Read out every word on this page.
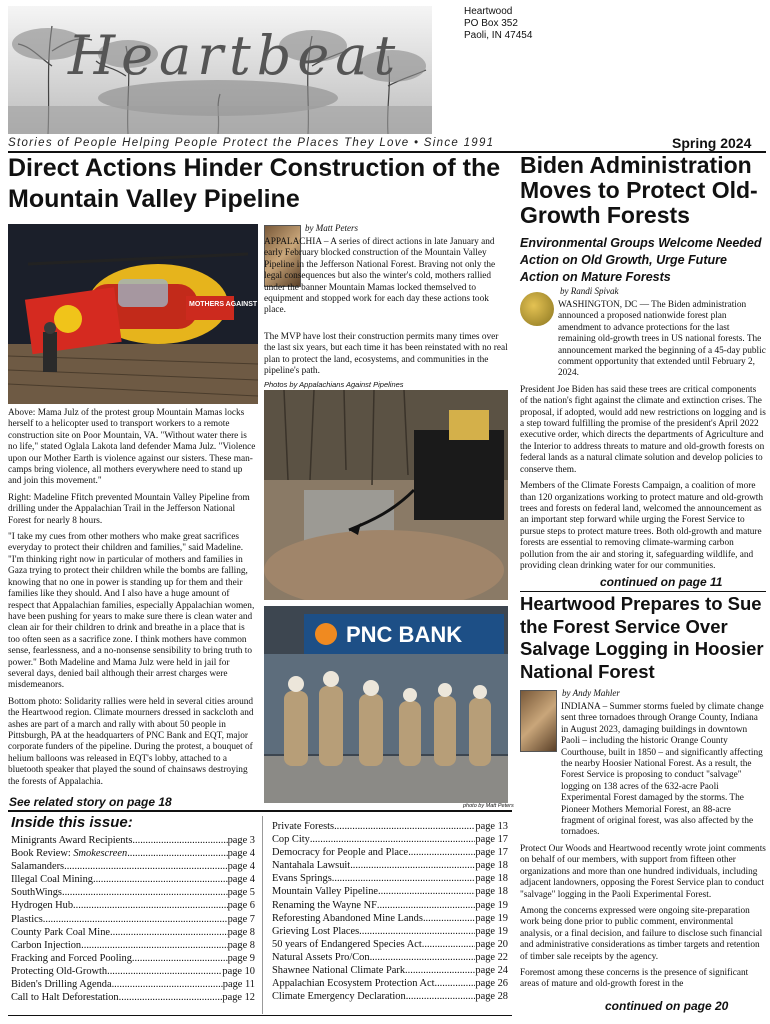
Heartbeat
Heartwood
PO Box 352
Paoli, IN 47454
Stories of People Helping People Protect the Places They Love • Since 1991	Spring 2024
Direct Actions Hinder Construction of the Mountain Valley Pipeline
MOTHERS AGAINST
by Matt Peters

APPALACHIA – A series of direct actions in late January and early February blocked construction of the Mountain Valley Pipeline in the Jefferson National Forest. Braving not only the legal consequences but also the winter's cold, mothers rallied under the banner Mountain Mamas locked themselved to equipment and stopped work for each day these actions took place.

The MVP have lost their construction permits many times over the last six years, but each time it has been reinstated with no real plan to protect the land, ecosystems, and communities in the pipeline's path.

Photos by Appalachians Against Pipelines
PNC BANK
photo by Matt Peters

Above: Mama Julz of the protest group Mountain Mamas locks herself to a helicopter used to transport workers to a remote construction site on Poor Mountain, VA. "Without water there is no life," stated Oglala Lakota land defender Mama Julz. "Violence upon our Mother Earth is violence against our sisters. These man-camps bring violence, all mothers everywhere need to stand up and join this movement."

Right: Madeline Ffitch prevented Mountain Valley Pipeline from drilling under the Appalachian Trail in the Jefferson National Forest for nearly 8 hours.

"I take my cues from other mothers who make great sacrifices everyday to protect their children and families," said Madeline. "I'm thinking right now in particular of mothers and families in Gaza trying to protect their children while the bombs are falling, knowing that no one in power is standing up for them and their families like they should. And I also have a huge amount of respect that Appalachian families, especially Appalachian women, have been pushing for years to make sure there is clean water and clean air for their children to drink and breathe in a place that is too often seen as a sacrifice zone. I think mothers have common sense, fearlessness, and a no-nonsense sensibility to bring truth to power." Both Madeline and Mama Julz were held in jail for several days, denied bail although their arrest charges were misdemeanors.

Bottom photo: Solidarity rallies were held in several cities around the Heartwood region. Climate mourners dressed in sackcloth and ashes are part of a march and rally with about 50 people in Pittsburgh, PA at the headquarters of PNC Bank and EQT, major corporate funders of the pipeline. During the protest, a bouquet of helium balloons was released in EQT's lobby, attached to a bluetooth speaker that played the sound of chainsaws destroying the forests of Appalachia.

See related story on page 18
Biden Administration Moves to Protect Old-Growth Forests
Environmental Groups Welcome Needed Action on Old Growth, Urge Future Action on Mature Forests
by Randi Spivak

WASHINGTON, DC — The Biden administration announced a proposed nationwide forest plan amendment to advance protections for the last remaining old-growth trees in US national forests. The announcement marked the beginning of a 45-day public comment opportunity that extended until February 2, 2024.

President Joe Biden has said these trees are critical components of the nation's fight against the climate and extinction crises. The proposal, if adopted, would add new restrictions on logging and is a step toward fulfilling the promise of the president's April 2022 executive order, which directs the departments of Agriculture and the Interior to address threats to mature and old-growth forests on federal lands as a natural climate solution and develop policies to conserve them.

Members of the Climate Forests Campaign, a coalition of more than 120 organizations working to protect mature and old-growth trees and forests on federal land, welcomed the announcement as an important step forward while urging the Forest Service to pursue steps to protect mature trees. Both old-growth and mature forests are essential to removing climate-warming carbon pollution from the air and storing it, safeguarding wildlife, and providing clean drinking water for our communities.

continued on page 11
Heartwood Prepares to Sue the Forest Service Over Salvage Logging in Hoosier National Forest
by Andy Mahler

INDIANA – Summer storms fueled by climate change sent three tornadoes through Orange County, Indiana in August 2023, damaging buildings in downtown Paoli – including the historic Orange County Courthouse, built in 1850 – and significantly affecting the nearby Hoosier National Forest. As a result, the Forest Service is proposing to conduct "salvage" logging on 138 acres of the 632-acre Paoli Experimental Forest damaged by the storms. The Pioneer Mothers Memorial Forest, an 88-acre fragment of original forest, was also affected by the tornadoes.

Protect Our Woods and Heartwood recently wrote joint comments on behalf of our members, with support from fifteen other organizations and more than one hundred individuals, including adjacent landowners, opposing the Forest Service plan to conduct "salvage" logging in the Paoli Experimental Forest.

Among the concerns expressed were ongoing site-preparation work being done prior to public comment, environmental analysis, or a final decision, and failure to disclose such financial and administrative considerations as timber targets and retention of timber sale receipts by the agency.

Foremost among these concerns is the presence of significant areas of mature and old-growth forest in the

continued on page 20
Inside this issue:
Minigrants Award Recipients .....	page 3
Book Review: Smokescreen .....	page 4
Salamanders .....	page 4
Illegal Coal Mining .....	page 4
SouthWings .....	page 5
Hydrogen Hub .....	page 6
Plastics .....	page 7
County Park Coal Mine .....	page 8
Carbon Injection .....	page 8
Fracking and Forced Pooling .....	page 9
Protecting Old-Growth .....	page 10
Biden's Drilling Agenda .....	page 11
Call to Halt Deforestation .....	page 12
Private Forests .....	page 13
Cop City .....	page 17
Democracy for People and Place .....	page 17
Nantahala Lawsuit .....	page 18
Evans Springs .....	page 18
Mountain Valley Pipeline .....	page 18
Renaming the Wayne NF .....	page 19
Reforesting Abandoned Mine Lands .....	page 19
Grieving Lost Places .....	page 19
50 years of Endangered Species Act .....	page 20
Natural Assets Pro/Con .....	page 22
Shawnee National Climate Park .....	page 24
Appalachian Ecosystem Protection Act .....	page 26
Climate Emergency Declaration .....	page 28
